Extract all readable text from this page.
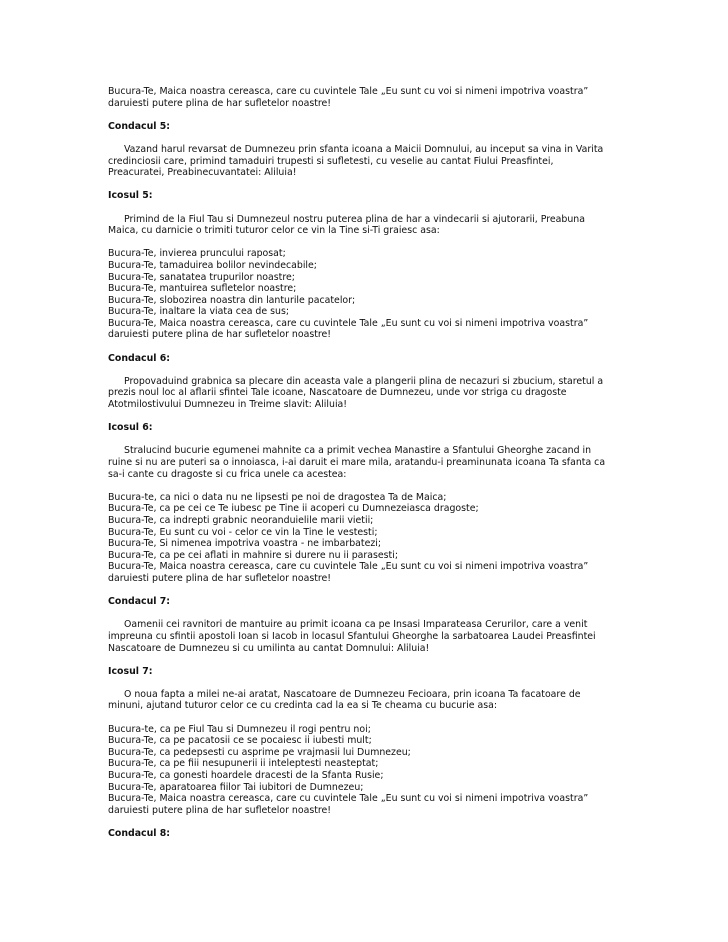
Bucura-Te, Maica noastra cereasca, care cu cuvintele Tale „Eu sunt cu voi si nimeni impotriva voastra”
daruiesti putere plina de har sufletelor noastre!
Condacul 5:
Vazand harul revarsat de Dumnezeu prin sfanta icoana a Maicii Domnului, au inceput sa vina in Varita
credinciosii care, primind tamaduiri trupesti si sufletesti, cu veselie au cantat Fiului Preasfintei,
Preacuratei, Preabinecuvantatei: Aliluia!
Icosul 5:
Primind de la Fiul Tau si Dumnezeul nostru puterea plina de har a vindecarii si ajutorarii, Preabuna
Maica, cu darnicie o trimiti tuturor celor ce vin la Tine si-Ti graiesc asa:
Bucura-Te, invierea pruncului raposat;
Bucura-Te, tamaduirea bolilor nevindecabile;
Bucura-Te, sanatatea trupurilor noastre;
Bucura-Te, mantuirea sufletelor noastre;
Bucura-Te, slobozirea noastra din lanturile pacatelor;
Bucura-Te, inaltare la viata cea de sus;
Bucura-Te, Maica noastra cereasca, care cu cuvintele Tale „Eu sunt cu voi si nimeni impotriva voastra”
daruiesti putere plina de har sufletelor noastre!
Condacul 6:
Propovaduind grabnica sa plecare din aceasta vale a plangerii plina de necazuri si zbucium, staretul a
prezis noul loc al aflarii sfintei Tale icoane, Nascatoare de Dumnezeu, unde vor striga cu dragoste
Atotmilostivului Dumnezeu in Treime slavit: Aliluia!
Icosul 6:
Stralucind bucurie egumenei mahnite ca a primit vechea Manastire a Sfantului Gheorghe zacand in
ruine si nu are puteri sa o innoiasca, i-ai daruit ei mare mila, aratandu-i preaminunata icoana Ta sfanta ca
sa-i cante cu dragoste si cu frica unele ca acestea:
Bucura-te, ca nici o data nu ne lipsesti pe noi de dragostea Ta de Maica;
Bucura-Te, ca pe cei ce Te iubesc pe Tine ii acoperi cu Dumnezeiasca dragoste;
Bucura-Te, ca indrepti grabnic neoranduielile marii vietii;
Bucura-Te, Eu sunt cu voi - celor ce vin la Tine le vestesti;
Bucura-Te, Si nimenea impotriva voastra - ne imbarbatezi;
Bucura-Te, ca pe cei aflati in mahnire si durere nu ii parasesti;
Bucura-Te, Maica noastra cereasca, care cu cuvintele Tale „Eu sunt cu voi si nimeni impotriva voastra”
daruiesti putere plina de har sufletelor noastre!
Condacul 7:
Oamenii cei ravnitori de mantuire au primit icoana ca pe Insasi Imparateasa Cerurilor, care a venit
impreuna cu sfintii apostoli Ioan si Iacob in locasul Sfantului Gheorghe la sarbatoarea Laudei Preasfintei
Nascatoare de Dumnezeu si cu umilinta au cantat Domnului: Aliluia!
Icosul 7:
O noua fapta a milei ne-ai aratat, Nascatoare de Dumnezeu Fecioara, prin icoana Ta facatoare de
minuni, ajutand tuturor celor ce cu credinta cad la ea si Te cheama cu bucurie asa:
Bucura-te, ca pe Fiul Tau si Dumnezeu il rogi pentru noi;
Bucura-Te, ca pe pacatosii ce se pocaiesc ii iubesti mult;
Bucura-Te, ca pedepsesti cu asprime pe vrajmasii lui Dumnezeu;
Bucura-Te, ca pe fiii nesupunerii ii inteleptesti neasteptat;
Bucura-Te, ca gonesti hoardele dracesti de la Sfanta Rusie;
Bucura-Te, aparatoarea fiilor Tai iubitori de Dumnezeu;
Bucura-Te, Maica noastra cereasca, care cu cuvintele Tale „Eu sunt cu voi si nimeni impotriva voastra”
daruiesti putere plina de har sufletelor noastre!
Condacul 8:
